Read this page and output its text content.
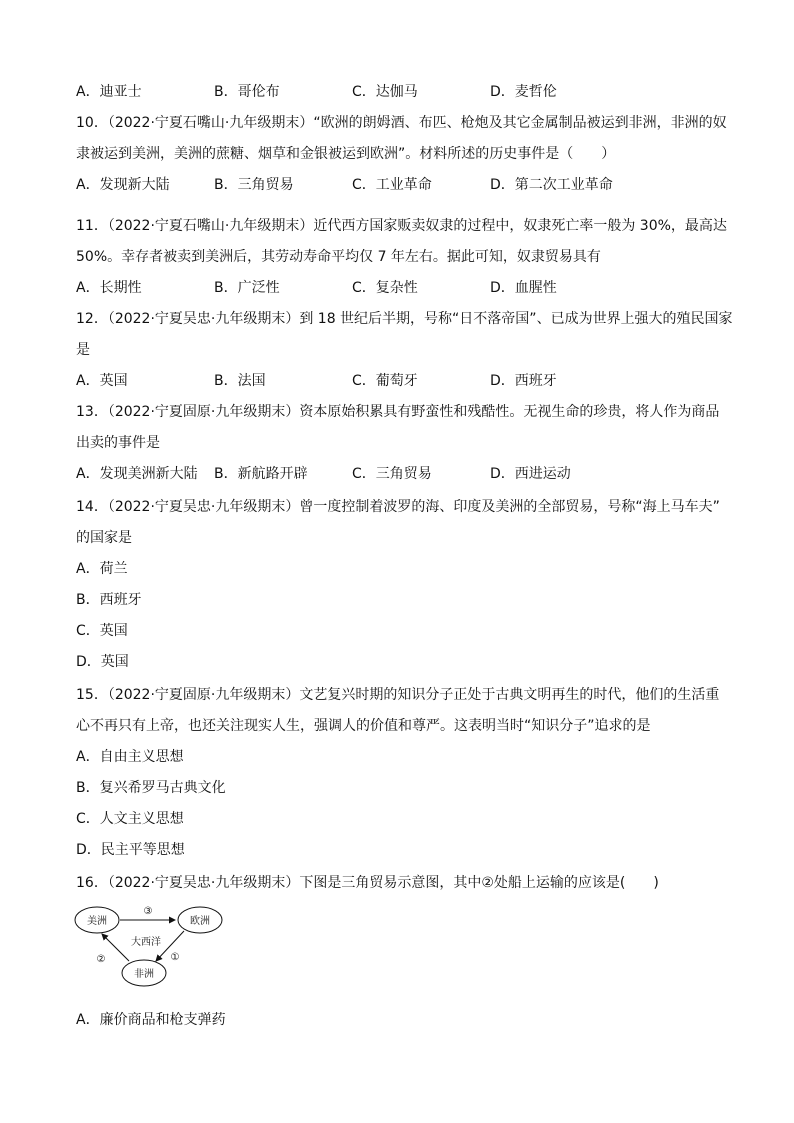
A．迪亚士	B．哥伦布	C．达伽马	D．麦哲伦
10．（2022·宁夏石嘴山·九年级期末）“欧洲的朗姆酒、布匹、枪炮及其它金属制品被运到非洲，非洲的奴
隶被运到美洲，美洲的蔗糖、烟草和金银被运到欧洲”。材料所述的历史事件是（　　）
A．发现新大陆	B．三角贸易	C．工业革命	D．第二次工业革命
11．（2022·宁夏石嘴山·九年级期末）近代西方国家贩卖奴隶的过程中，奴隶死亡率一般为 30%，最高达
50%。幸存者被卖到美洲后，其劳动寿命平均仅 7 年左右。据此可知，奴隶贸易具有
A．长期性	B．广泛性	C．复杂性	D．血腥性
12．（2022·宁夏吴忠·九年级期末）到 18 世纪后半期，号称“日不落帝国”、已成为世界上强大的殖民国家
是
A．英国	B．法国	C．葡萄牙	D．西班牙
13．（2022·宁夏固原·九年级期末）资本原始积累具有野蛮性和残酷性。无视生命的珍贵，将人作为商品
出卖的事件是
A．发现美洲新大陆 B．新航路开辟	C．三角贸易	D．西进运动
14．（2022·宁夏吴忠·九年级期末）曾一度控制着波罗的海、印度及美洲的全部贸易，号称“海上马车夫”
的国家是
A．荷兰
B．西班牙
C．英国
D．英国
15．（2022·宁夏固原·九年级期末）文艺复兴时期的知识分子正处于古典文明再生的时代，他们的生活重
心不再只有上帝，也还关注现实人生，强调人的价值和尊严。这表明当时“知识分子”追求的是
A．自由主义思想
B．复兴希罗马古典文化
C．人文主义思想
D．民主平等思想
16．（2022·宁夏吴忠·九年级期末）下图是三角贸易示意图，其中②处船上运输的应该是(　　)
美洲	欧洲
非洲
大西洋
③
①
②
A．廉价商品和枪支弹药
